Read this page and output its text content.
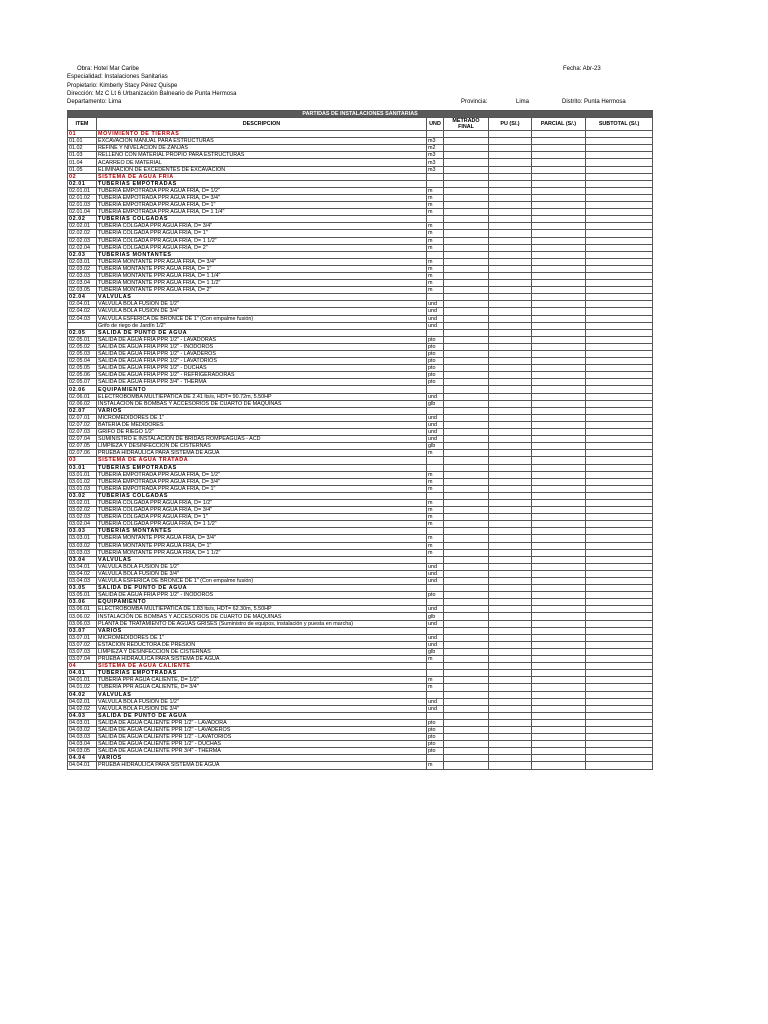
Obra: Hotel Mar Caribe	Fecha: Abr-23
Especialidad: Instalaciones Sanitarias
Propietario: Kimberly Stacy Pérez Quispe
Dirección: Mz C Lt 6 Urbanización Balneario de Punta Hermosa
Departamento: Lima	Provincia:	Lima	Distrito: Punta Hermosa
PARTIDAS DE INSTALACIONES SANITARIAS						
ITEM	DESCRIPCION	UND	METRADO FINAL	PU (S/.)	PARCIAL (S/.)	SUBTOTAL (S/.)
01	MOVIMIENTO DE TIERRAS					
01.01	EXCAVACIÓN MANUAL PARA ESTRUCTURAS	m3				
01.02	REFINE Y NIVELACION DE ZANJAS	m2				
01.03	RELLENO CON MATERIAL PROPIO PARA ESTRUCTURAS	m3				
01.04	ACARREO DE MATERIAL	m3				
01.05	ELIMINACIÓN DE EXCEDENTES DE EXCAVACIÓN	m3				
02	SISTEMA DE AGUA FRIA					
02.01	TUBERÍAS EMPOTRADAS					
02.01.01	TUBERÍA EMPOTRADA PPR AGUA FRÍA, D= 1/2"	m				
02.01.02	TUBERÍA EMPOTRADA PPR AGUA FRÍA, D= 3/4"	m				
02.01.03	TUBERÍA EMPOTRADA PPR AGUA FRÍA, D= 1"	m				
02.01.04	TUBERÍA EMPOTRADA PPR AGUA FRÍA, D= 1 1/4"	m				
02.02	TUBERÍAS COLGADAS					
02.02.01	TUBERÍA COLGADA PPR AGUA FRÍA, D= 3/4"	m				
02.02.02	TUBERÍA COLGADA PPR AGUA FRÍA, D= 1"	m				
02.02.03	TUBERÍA COLGADA PPR AGUA FRÍA, D= 1 1/2"	m				
02.02.04	TUBERÍA COLGADA PPR AGUA FRÍA, D= 2"	m				
02.03	TUBERÍAS MONTANTES					
02.03.01	TUBERÍA MONTANTE PPR AGUA FRÍA, D= 3/4"	m				
02.03.02	TUBERÍA MONTANTE PPR AGUA FRÍA, D= 1"	m				
02.03.03	TUBERÍA MONTANTE PPR AGUA FRÍA, D= 1 1/4"	m				
02.03.04	TUBERÍA MONTANTE PPR AGUA FRÍA, D= 1 1/2"	m				
02.03.05	TUBERÍA MONTANTE PPR AGUA FRÍA, D= 2"	m				
02.04	VÁLVULAS					
02.04.01	VÁLVULA BOLA FUSIÓN DE 1/2"	und				
02.04.02	VÁLVULA BOLA FUSIÓN DE 3/4"	und				
02.04.03	VÁLVULA ESFÉRICA DE BRONCE DE 1" (Con empalme fusión)	und				
	Grifo de riego de Jardín 1/2"	und				
02.05	SALIDA DE PUNTO DE AGUA					
02.05.01	SALIDA DE AGUA FRÍA PPR 1/2" - LAVADORAS	pto				
02.05.02	SALIDA DE AGUA FRÍA PPR 1/2" - INODOROS	pto				
02.05.03	SALIDA DE AGUA FRÍA PPR 1/2" - LAVADEROS	pto				
02.05.04	SALIDA DE AGUA FRÍA PPR 1/2" - LAVATORIOS	pto				
02.05.05	SALIDA DE AGUA FRÍA PPR 1/2" - DUCHAS	pto				
02.05.06	SALIDA DE AGUA FRÍA PPR 1/2" - REFRIGERADORAS	pto				
02.05.07	SALIDA DE AGUA FRÍA PPR 3/4" - THERMA	pto				
02.06	EQUIPAMIENTO					
02.06.01	ELECTROBOMBA MULTIEPATICA DE 2.41 lts/s, HDT= 90.72m, 5.50HP	und				
02.06.02	INSTALACIÓN DE BOMBAS Y ACCESORIOS DE CUARTO DE MÁQUINAS	glb				
02.07	VARIOS					
02.07.01	MICROMEDIDORES DE 1"	und				
02.07.02	BATERÍA DE MEDIDORES	und				
02.07.03	GRIFO DE RIEGO 1/2"	und				
02.07.04	SUMINISTRO E INSTALACIÓN DE BRIDAS ROMPEAGUAS - ACD	und				
02.07.05	LIMPIEZA Y DESINFECCIÓN DE CISTERNAS	glb				
02.07.06	PRUEBA HIDRAÚLICA PARA SISTEMA DE AGUA	m				
03	SISTEMA DE AGUA TRATADA					
03.01	TUBERÍAS EMPOTRADAS					
03.01.01	TUBERÍA EMPOTRADA PPR AGUA FRÍA, D= 1/2"	m				
03.01.02	TUBERÍA EMPOTRADA PPR AGUA FRÍA, D= 3/4"	m				
03.01.03	TUBERÍA EMPOTRADA PPR AGUA FRÍA, D= 1"	m				
03.02	TUBERÍAS COLGADAS					
03.02.01	TUBERÍA COLGADA PPR AGUA FRÍA, D= 1/2"	m				
03.02.02	TUBERÍA COLGADA PPR AGUA FRÍA, D= 3/4"	m				
03.02.03	TUBERÍA COLGADA PPR AGUA FRÍA, D= 1"	m				
03.02.04	TUBERÍA COLGADA PPR AGUA FRÍA, D= 1 1/2"	m				
03.03	TUBERÍAS MONTANTES					
03.03.01	TUBERÍA MONTANTE PPR AGUA FRÍA, D= 3/4"	m				
03.03.02	TUBERÍA MONTANTE PPR AGUA FRÍA, D= 1"	m				
03.03.03	TUBERÍA MONTANTE PPR AGUA FRÍA, D= 1 1/2"	m				
03.04	VÁLVULAS					
03.04.01	VÁLVULA BOLA FUSIÓN DE 1/2"	und				
03.04.02	VÁLVULA BOLA FUSIÓN DE 3/4"	und				
03.04.03	VÁLVULA ESFÉRICA DE BRONCE DE 1" (Con empalme fusión)	und				
03.05	SALIDA DE PUNTO DE AGUA					
03.05.01	SALIDA DE AGUA FRÍA PPR 1/2" - INODOROS	pto				
03.06	EQUIPAMIENTO					
03.06.01	ELECTROBOMBA MULTIEPATICA DE 1.83 lts/s, HDT= 62.30m, 5.50HP	und				
03.06.02	INSTALACIÓN DE BOMBAS Y ACCESORIOS DE CUARTO DE MÁQUINAS	glb				
03.06.03	PLANTA DE TRATAMIENTO DE AGUAS GRISES (Suministro de equipos, instalación y puesta en marcha)	und				
03.07	VARIOS					
03.07.01	MICROMEDIDORES DE 1"	und				
03.07.02	ESTACIÓN REDUCTORA DE PRESIÓN	und				
03.07.03	LIMPIEZA Y DESINFECCIÓN DE CISTERNAS	glb				
03.07.04	PRUEBA HIDRAÚLICA PARA SISTEMA DE AGUA	m				
04	SISTEMA DE AGUA CALIENTE					
04.01	TUBERÍAS EMPOTRADAS					
04.01.01	TUBERÍA PPR AGUA CALIENTE, D= 1/2"	m				
04.01.02	TUBERÍA PPR AGUA CALIENTE, D= 3/4"	m				
04.02	VÁLVULAS					
04.02.01	VÁLVULA BOLA FUSIÓN DE 1/2"	und				
04.02.02	VÁLVULA BOLA FUSIÓN DE 3/4"	und				
04.03	SALIDA DE PUNTO DE AGUA					
04.03.01	SALIDA DE AGUA CALIENTE PPR 1/2" - LAVADORA	pto				
04.03.02	SALIDA DE AGUA CALIENTE PPR 1/2" - LAVADEROS	pto				
04.03.03	SALIDA DE AGUA CALIENTE PPR 1/2" - LAVATORIOS	pto				
04.03.04	SALIDA DE AGUA CALIENTE PPR 1/2" - DUCHAS	pto				
04.03.05	SALIDA DE AGUA CALIENTE PPR 3/4" - THERMA	pto				
04.04	VARIOS					
04.04.01	PRUEBA HIDRAÚLICA PARA SISTEMA DE AGUA	m				
